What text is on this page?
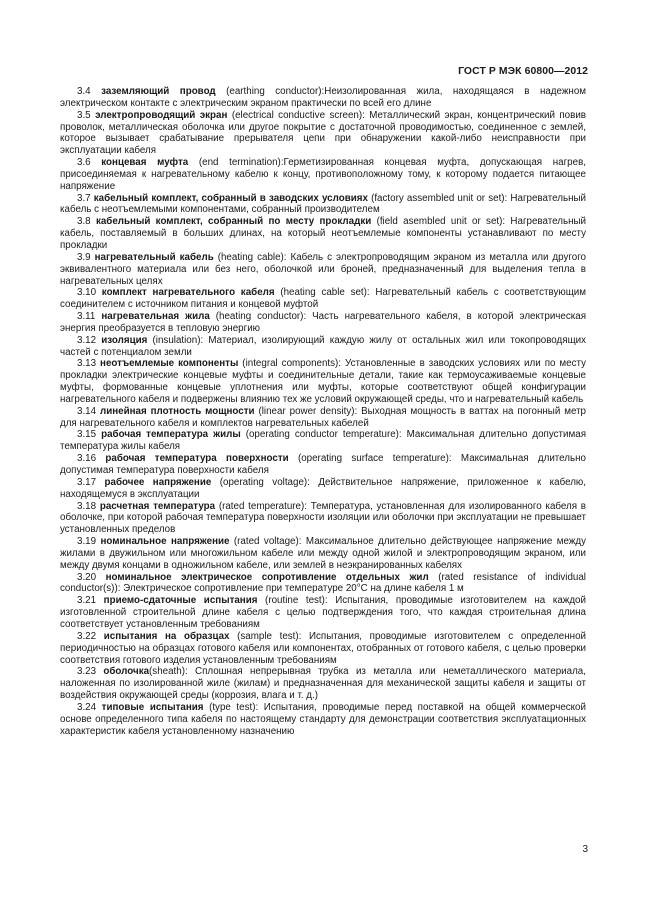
ГОСТ Р МЭК 60800—2012

3.4 заземляющий провод (earthing conductor):Неизолированная жила, находящаяся в надежном электрическом контакте с электрическим экраном практически по всей его длине

3.5 электропроводящий экран (electrical conductive screen): Металлический экран, концентрический повив проволок, металлическая оболочка или другое покрытие с достаточной проводимостью, соединенное с землей, которое вызывает срабатывание прерывателя цепи при обнаружении какой-либо неисправности при эксплуатации кабеля

3.6 концевая муфта (end termination):Герметизированная концевая муфта, допускающая нагрев, присоединяемая к нагревательному кабелю к концу, противоположному тому, к которому подается питающее напряжение

3.7 кабельный комплект, собранный в заводских условиях (factory assembled unit or set): Нагревательный кабель с неотъемлемыми компонентами, собранный производителем

3.8 кабельный комплект, собранный по месту прокладки (field asembled unit or set): Нагревательный кабель, поставляемый в больших длинах, на который неотъемлемые компоненты устанавливают по месту прокладки

3.9 нагревательный кабель (heating cable): Кабель с электропроводящим экраном из металла или другого эквивалентного материала или без него, оболочкой или броней, предназначенный для выделения тепла в нагревательных целях

3.10 комплект нагревательного кабеля (heating cable set): Нагревательный кабель с соответствующим соединителем с источником питания и концевой муфтой

3.11 нагревательная жила (heating conductor): Часть нагревательного кабеля, в которой электрическая энергия преобразуется в тепловую энергию

3.12 изоляция (insulation): Материал, изолирующий каждую жилу от остальных жил или токопроводящих частей с потенциалом земли

3.13 неотъемлемые компоненты (integral components): Установленные в заводских условиях или по месту прокладки электрические концевые муфты и соединительные детали, такие как термоусаживаемые концевые муфты, формованные концевые уплотнения или муфты, которые соответствуют общей конфигурации нагревательного кабеля и подвержены влиянию тех же условий окружающей среды, что и нагревательный кабель

3.14 линейная плотность мощности (linear power density): Выходная мощность в ваттах на погонный метр для нагревательного кабеля и комплектов нагревательных кабелей

3.15 рабочая температура жилы (operating conductor temperature): Максимальная длительно допустимая температура жилы кабеля

3.16 рабочая температура поверхности (operating surface temperature): Максимальная длительно допустимая температура поверхности кабеля

3.17 рабочее напряжение (operating voltage): Действительное напряжение, приложенное к кабелю, находящемуся в эксплуатации

3.18 расчетная температура (rated temperature): Температура, установленная для изолированного кабеля в оболочке, при которой рабочая температура поверхности изоляции или оболочки при эксплуатации не превышает установленных пределов

3.19 номинальное напряжение (rated voltage): Максимальное длительно действующее напряжение между жилами в двужильном или многожильном кабеле или между одной жилой и электропроводящим экраном, или между двумя концами в одножильном кабеле, или землей в неэкранированных кабелях

3.20 номинальное электрическое сопротивление отдельных жил (rated resistance of individual conductor(s)): Электрическое сопротивление при температуре 20°С на длине кабеля 1 м

3.21 приемо-сдаточные испытания (routine test): Испытания, проводимые изготовителем на каждой изготовленной строительной длине кабеля с целью подтверждения того, что каждая строительная длина соответствует установленным требованиям

3.22 испытания на образцах (sample test): Испытания, проводимые изготовителем с определенной периодичностью на образцах готового кабеля или компонентах, отобранных от готового кабеля, с целью проверки соответствия готового изделия установленным требованиям

3.23 оболочка(sheath): Сплошная непрерывная трубка из металла или неметаллического материала, наложенная по изолированной жиле (жилам) и предназначенная для механической защиты кабеля и защиты от воздействия окружающей среды (коррозия, влага и т. д.)

3.24 типовые испытания (type test): Испытания, проводимые перед поставкой на общей коммерческой основе определенного типа кабеля по настоящему стандарту для демонстрации соответствия эксплуатационных характеристик кабеля установленному назначению

3
